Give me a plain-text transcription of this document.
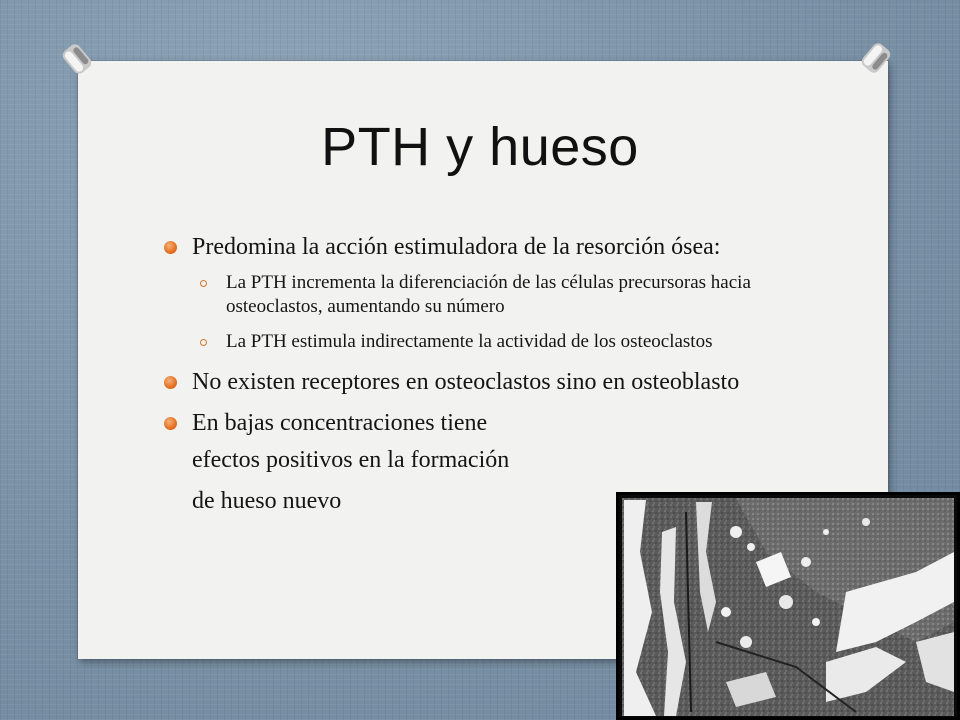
PTH y hueso
Predomina la acción estimuladora de la resorción ósea:
La PTH incrementa la diferenciación de las células precursoras hacia osteoclastos, aumentando su número
La PTH estimula indirectamente la actividad de los osteoclastos
No existen receptores en osteoclastos sino en osteoblasto
En bajas concentraciones tiene
efectos positivos en la formación
de hueso nuevo
